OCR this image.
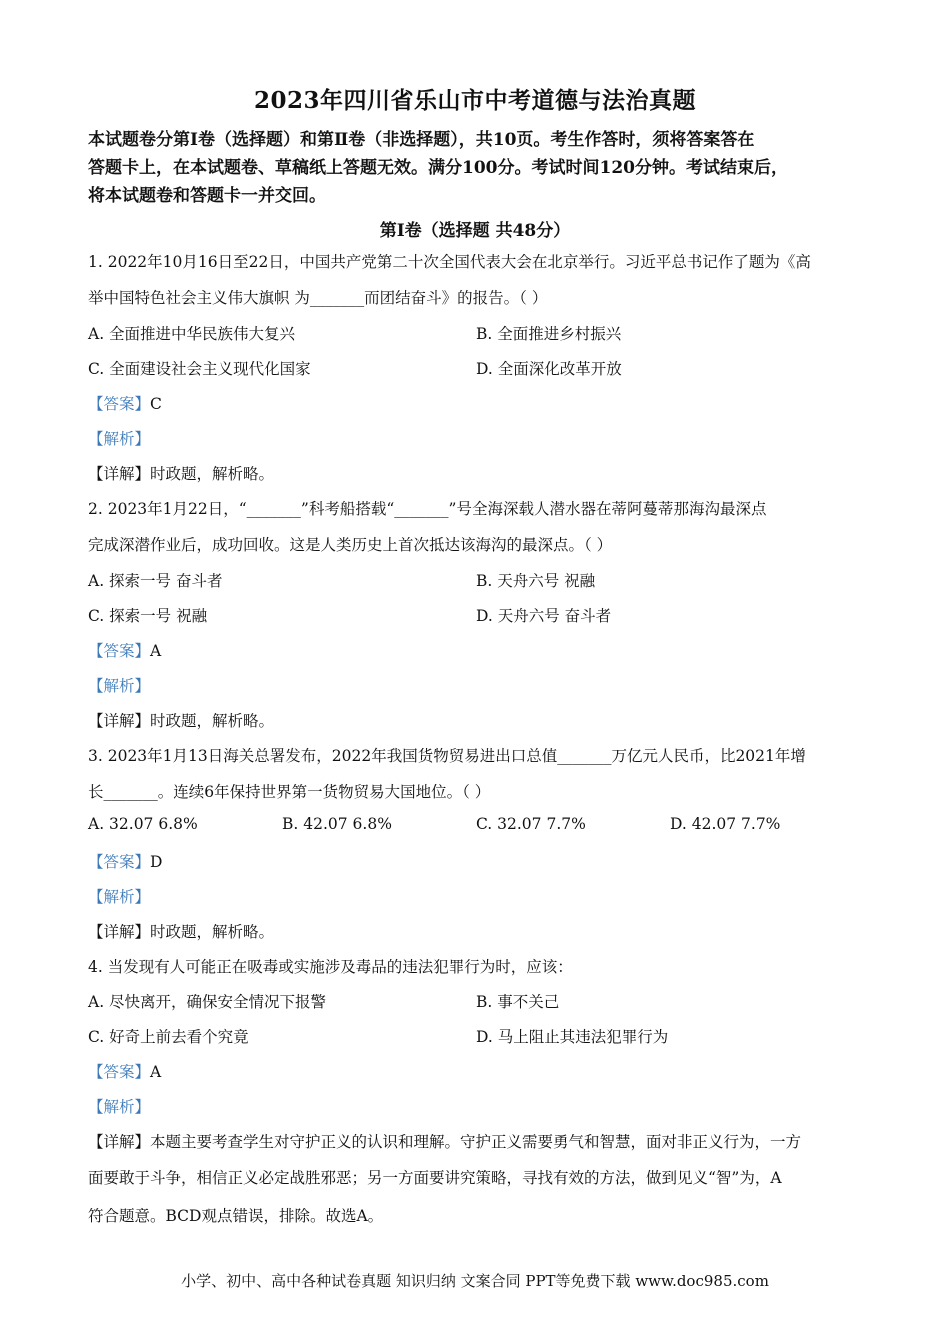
2023年四川省乐山市中考道德与法治真题
本试题卷分第Ⅰ卷（选择题）和第Ⅱ卷（非选择题），共10页。考生作答时，须将答案答在
答题卡上，在本试题卷、草稿纸上答题无效。满分100分。考试时间120分钟。考试结束后，
将本试题卷和答题卡一并交回。
第Ⅰ卷（选择题 共48分）
1. 2022年10月16日至22日，中国共产党第二十次全国代表大会在北京举行。习近平总书记作了题为《高
举中国特色社会主义伟大旗帜 为_______而团结奋斗》的报告。（ ）
A. 全面推进中华民族伟大复兴	B. 全面推进乡村振兴
C. 全面建设社会主义现代化国家	D. 全面深化改革开放
【答案】C
【解析】
【详解】时政题，解析略。
2. 2023年1月22日，“_______”科考船搭载“_______”号全海深载人潜水器在蒂阿蔓蒂那海沟最深点
完成深潜作业后，成功回收。这是人类历史上首次抵达该海沟的最深点。（ ）
A. 探索一号 奋斗者	B. 天舟六号 祝融
C. 探索一号 祝融	D. 天舟六号 奋斗者
【答案】A
【解析】
【详解】时政题，解析略。
3. 2023年1月13日海关总署发布，2022年我国货物贸易进出口总值_______万亿元人民币，比2021年增
长_______。连续6年保持世界第一货物贸易大国地位。（ ）
A. 32.07 6.8%	B. 42.07 6.8%	C. 32.07 7.7%	D. 42.07 7.7%
【答案】D
【解析】
【详解】时政题，解析略。
4. 当发现有人可能正在吸毒或实施涉及毒品的违法犯罪行为时，应该：
A. 尽快离开，确保安全情况下报警	B. 事不关己
C. 好奇上前去看个究竟	D. 马上阻止其违法犯罪行为
【答案】A
【解析】
【详解】本题主要考查学生对守护正义的认识和理解。守护正义需要勇气和智慧，面对非正义行为，一方
面要敢于斗争，相信正义必定战胜邪恶；另一方面要讲究策略，寻找有效的方法，做到见义“智”为，A
符合题意。BCD观点错误，排除。故选A。
小学、初中、高中各种试卷真题 知识归纳 文案合同 PPT等免费下载 www.doc985.com
